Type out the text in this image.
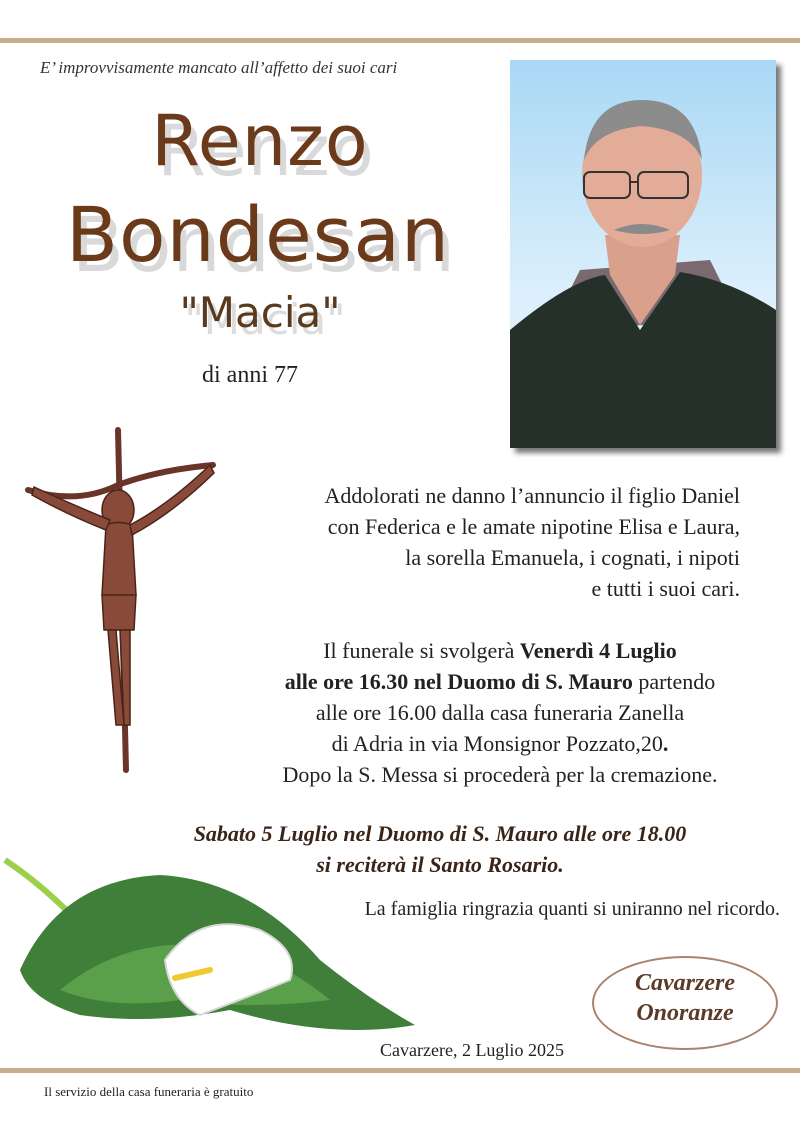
E’ improvvisamente mancato all’affetto dei suoi cari
Renzo
Bondesan
"Macia"
di anni 77
Addolorati ne danno l’annuncio il figlio Daniel
con Federica e le amate nipotine Elisa e Laura,
la sorella Emanuela, i cognati, i nipoti
e tutti i suoi cari.
Il funerale si svolgerà Venerdì 4 Luglio
alle ore 16.30 nel Duomo di S. Mauro partendo
alle ore 16.00 dalla casa funeraria Zanella
di Adria in via Monsignor Pozzato,20.
Dopo la S. Messa si procederà per la cremazione.
Sabato 5 Luglio nel Duomo di S. Mauro alle ore 18.00
si reciterà il Santo Rosario.
La famiglia ringrazia quanti si uniranno nel ricordo.
Cavarzere
Onoranze
Cavarzere, 2 Luglio 2025
Il servizio della casa funeraria è gratuito
